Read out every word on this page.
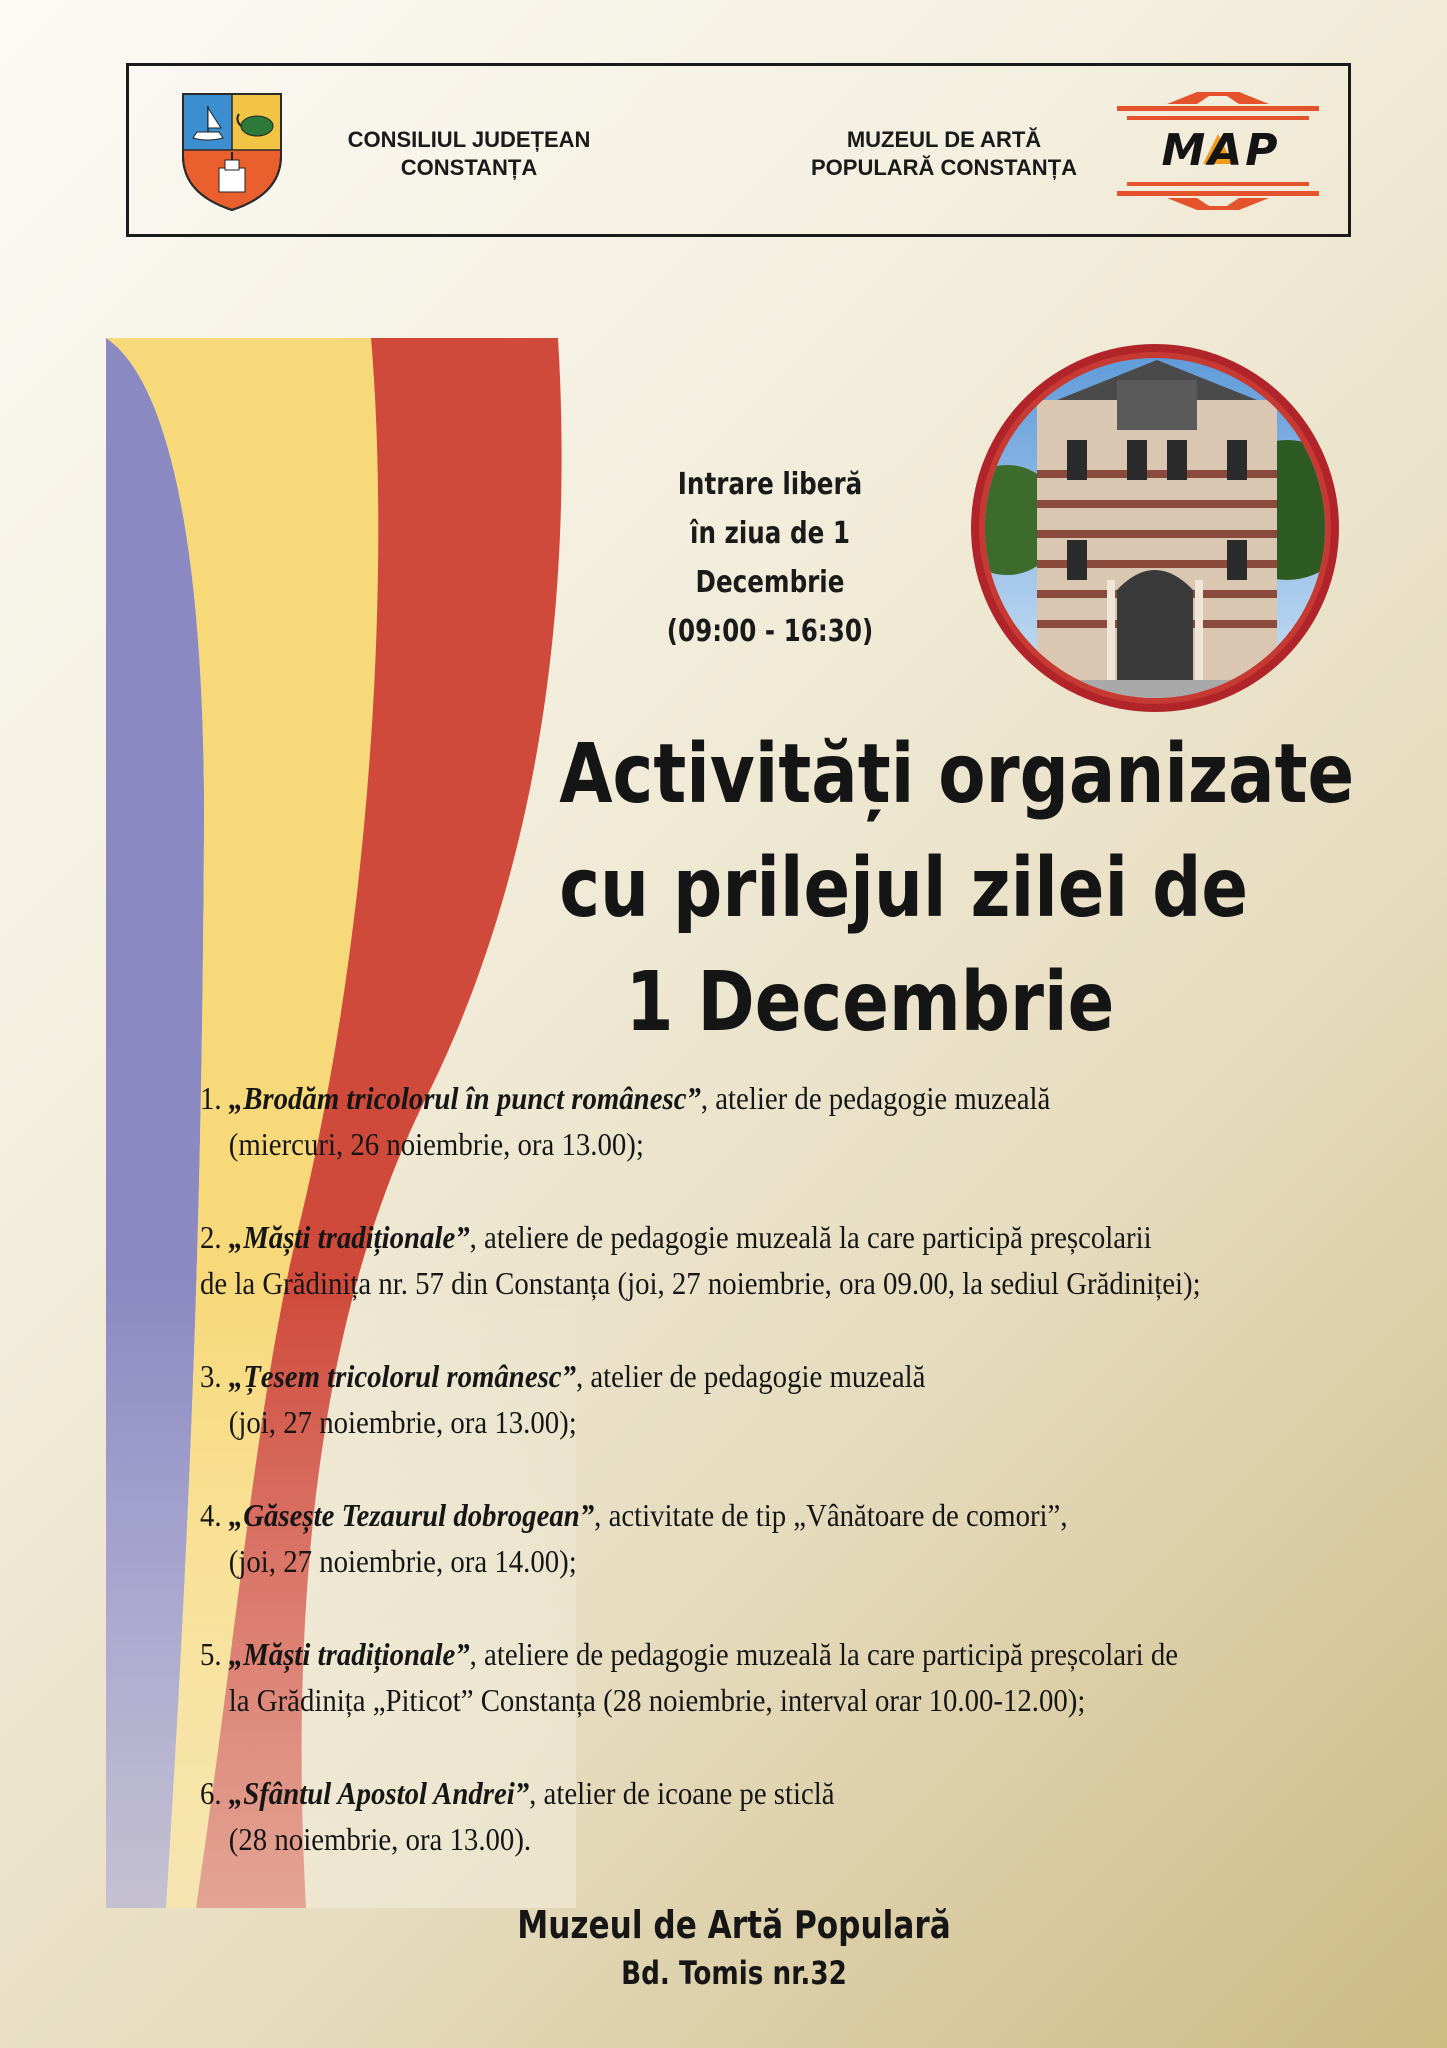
CONSILIUL JUDEȚEAN
CONSTANȚA
MUZEUL DE ARTĂ
POPULARĂ CONSTANȚA	MAP
Intrare liberă
în ziua de 1 Decembrie
(09:00 - 16:30)
Activități organizate
cu prilejul zilei de
1 Decembrie
1. „Brodăm tricolorul în punct românesc”, atelier de pedagogie muzeală
(miercuri, 26 noiembrie, ora 13.00);
2. „Măști tradiționale”, ateliere de pedagogie muzeală la care participă preșcolarii
de la Grădinița nr. 57 din Constanța (joi, 27 noiembrie, ora 09.00, la sediul Grădiniței);
3. „Țesem tricolorul românesc”, atelier de pedagogie muzeală
(joi, 27 noiembrie, ora 13.00);
4. „Găsește Tezaurul dobrogean”, activitate de tip „Vânătoare de comori”,
(joi, 27 noiembrie, ora 14.00);
5. „Măști tradiționale”, ateliere de pedagogie muzeală la care participă preșcolari de
la Grădinița „Piticot” Constanța (28 noiembrie, interval orar 10.00-12.00);
6. „Sfântul Apostol Andrei”, atelier de icoane pe sticlă
(28 noiembrie, ora 13.00).
Muzeul de Artă Populară
Bd. Tomis nr.32
